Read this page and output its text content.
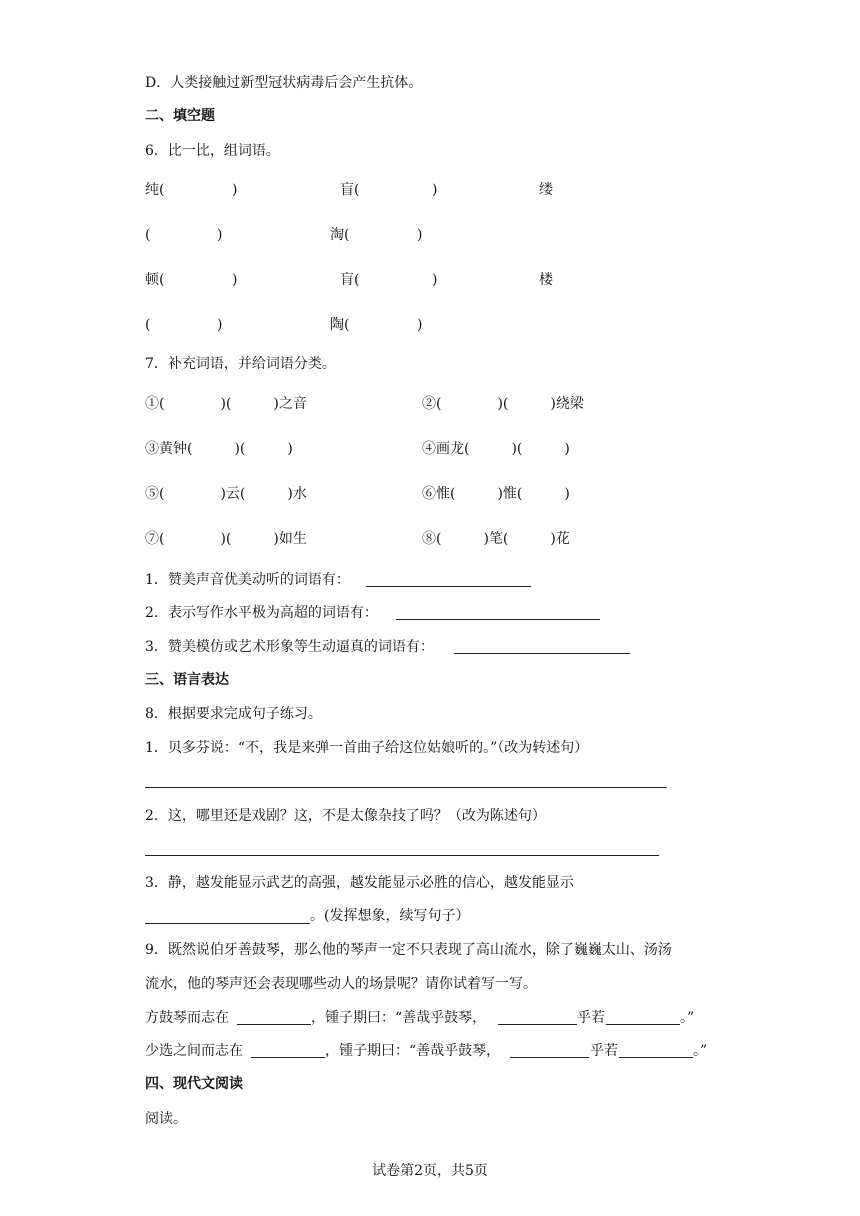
D．人类接触过新型冠状病毒后会产生抗体。
二、填空题
6．比一比，组词语。
纯(	)	盲(	)	缕
(	)	淘(	)
顿(	)	肓(	)	楼
(	)	陶(	)
7．补充词语，并给词语分类。
①(　　　　)(　　　)之音	②(　　　　)(　　　)绕梁
③黄钟(　　　)(　　　)	④画龙(　　　)(　　　)
⑤(　　　　)云(　　　)水	⑥惟(　　　)惟(　　　)
⑦(　　　　)(　　　)如生	⑧(　　　)笔(　　　)花
1．赞美声音优美动听的词语有：
2．表示写作水平极为高超的词语有：
3．赞美模仿或艺术形象等生动逼真的词语有：
三、语言表达
8．根据要求完成句子练习。
1．贝多芬说：“不，我是来弹一首曲子给这位姑娘听的。”（改为转述句）
2．这，哪里还是戏剧？这，不是太像杂技了吗？（改为陈述句）
3．静，越发能显示武艺的高强，越发能显示必胜的信心，越发能显示
。(发挥想象，续写句子）
9．既然说伯牙善鼓琴，那么他的琴声一定不只表现了高山流水，除了巍巍太山、汤汤
流水，他的琴声还会表现哪些动人的场景呢？请你试着写一写。
方鼓琴而志在	，锺子期曰：“善哉乎鼓琴，	乎若	。”
少选之间而志在	，锺子期曰：“善哉乎鼓琴，	乎若	。”
四、现代文阅读
阅读。
试卷第2页，共5页
